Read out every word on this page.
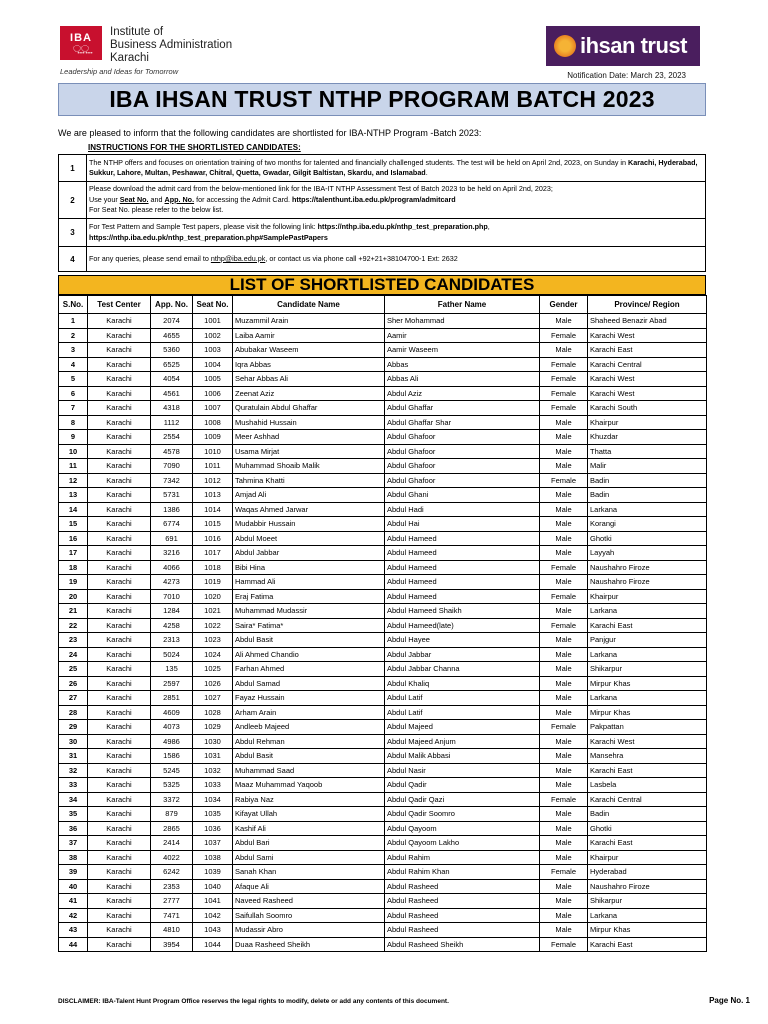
IBA
⵿⵿
Institute of
Business Administration
Karachi
Leadership and Ideas for Tomorrow
ihsan trust
Notification Date: March 23, 2023
IBA IHSAN TRUST NTHP PROGRAM BATCH 2023
We are pleased to inform that the following candidates are shortlisted for IBA-NTHP Program -Batch 2023:
INSTRUCTIONS FOR THE SHORTLISTED CANDIDATES:
1	The NTHP offers and focuses on orientation training of two months for talented and financially challenged students. The test will be held on April 2nd, 2023, on Sunday in Karachi, Hyderabad, Sukkur, Lahore, Multan, Peshawar, Chitral, Quetta, Gwadar, Gilgit Baltistan, Skardu, and Islamabad.
2	Please download the admit card from the below-mentioned link for the IBA-IT NTHP Assessment Test of Batch 2023 to be held on April 2nd, 2023;
Use your Seat No. and App. No. for accessing the Admit Card. https://talenthunt.iba.edu.pk/program/admitcard
For Seat No. please refer to the below list.

3	For Test Pattern and Sample Test papers, please visit the following link: https://nthp.iba.edu.pk/nthp_test_preparation.php,
https://nthp.iba.edu.pk/nthp_test_preparation.php#SamplePastPapers

4	For any queries, please send email to nthp@iba.edu.pk, or contact us via phone call +92+21+38104700-1 Ext: 2632
LIST OF SHORTLISTED CANDIDATES
S.No.	Test Center	App. No.	Seat No.	Candidate Name	Father Name	Gender	Province/ Region
1	Karachi	2074	1001	Muzammil Arain	Sher Mohammad	Male	Shaheed Benazir Abad
2	Karachi	4655	1002	Laiba Aamir	Aamir	Female	Karachi West
3	Karachi	5360	1003	Abubakar Waseem	Aamir Waseem	Male	Karachi East
4	Karachi	6525	1004	Iqra Abbas	Abbas	Female	Karachi Central
5	Karachi	4054	1005	Sehar Abbas Ali	Abbas Ali	Female	Karachi West
6	Karachi	4561	1006	Zeenat Aziz	Abdul Aziz	Female	Karachi West
7	Karachi	4318	1007	Quratulain Abdul Ghaffar	Abdul Ghaffar	Female	Karachi South
8	Karachi	1112	1008	Mushahid Hussain	Abdul Ghaffar Shar	Male	Khairpur
9	Karachi	2554	1009	Meer Ashhad	Abdul Ghafoor	Male	Khuzdar
10	Karachi	4578	1010	Usama Mirjat	Abdul Ghafoor	Male	Thatta
11	Karachi	7090	1011	Muhammad Shoaib Malik	Abdul Ghafoor	Male	Malir
12	Karachi	7342	1012	Tahmina Khatti	Abdul Ghafoor	Female	Badin
13	Karachi	5731	1013	Amjad Ali	Abdul Ghani	Male	Badin
14	Karachi	1386	1014	Waqas Ahmed Jarwar	Abdul Hadi	Male	Larkana
15	Karachi	6774	1015	Mudabbir Hussain	Abdul Hai	Male	Korangi
16	Karachi	691	1016	Abdul Moeet	Abdul Hameed	Male	Ghotki
17	Karachi	3216	1017	Abdul Jabbar	Abdul Hameed	Male	Layyah
18	Karachi	4066	1018	Bibi Hina	Abdul Hameed	Female	Naushahro Firoze
19	Karachi	4273	1019	Hammad Ali	Abdul Hameed	Male	Naushahro Firoze
20	Karachi	7010	1020	Eraj Fatima	Abdul Hameed	Female	Khairpur
21	Karachi	1284	1021	Muhammad Mudassir	Abdul Hameed Shaikh	Male	Larkana
22	Karachi	4258	1022	Saira* Fatima*	Abdul Hameed(late)	Female	Karachi East
23	Karachi	2313	1023	Abdul Basit	Abdul Hayee	Male	Panjgur
24	Karachi	5024	1024	Ali Ahmed Chandio	Abdul Jabbar	Male	Larkana
25	Karachi	135	1025	Farhan Ahmed	Abdul Jabbar Channa	Male	Shikarpur
26	Karachi	2597	1026	Abdul Samad	Abdul Khaliq	Male	Mirpur Khas
27	Karachi	2851	1027	Fayaz Hussain	Abdul Latif	Male	Larkana
28	Karachi	4609	1028	Arham Arain	Abdul Latif	Male	Mirpur Khas
29	Karachi	4073	1029	Andleeb Majeed	Abdul Majeed	Female	Pakpattan
30	Karachi	4986	1030	Abdul Rehman	Abdul Majeed Anjum	Male	Karachi West
31	Karachi	1586	1031	Abdul Basit	Abdul Malik Abbasi	Male	Mansehra
32	Karachi	5245	1032	Muhammad Saad	Abdul Nasir	Male	Karachi East
33	Karachi	5325	1033	Maaz Muhammad Yaqoob	Abdul Qadir	Male	Lasbela
34	Karachi	3372	1034	Rabiya Naz	Abdul Qadir Qazi	Female	Karachi Central
35	Karachi	879	1035	Kifayat Ullah	Abdul Qadir Soomro	Male	Badin
36	Karachi	2865	1036	Kashif Ali	Abdul Qayoom	Male	Ghotki
37	Karachi	2414	1037	Abdul Bari	Abdul Qayoom Lakho	Male	Karachi East
38	Karachi	4022	1038	Abdul Sami	Abdul Rahim	Male	Khairpur
39	Karachi	6242	1039	Sanah Khan	Abdul Rahim Khan	Female	Hyderabad
40	Karachi	2353	1040	Afaque Ali	Abdul Rasheed	Male	Naushahro Firoze
41	Karachi	2777	1041	Naveed Rasheed	Abdul Rasheed	Male	Shikarpur
42	Karachi	7471	1042	Saifullah Soomro	Abdul Rasheed	Male	Larkana
43	Karachi	4810	1043	Mudassir Abro	Abdul Rasheed	Male	Mirpur Khas
44	Karachi	3954	1044	Duaa Rasheed Sheikh	Abdul Rasheed Sheikh	Female	Karachi East
DISCLAIMER: IBA-Talent Hunt Program Office reserves the legal rights to modify, delete or add any contents of this document.	Page No. 1
